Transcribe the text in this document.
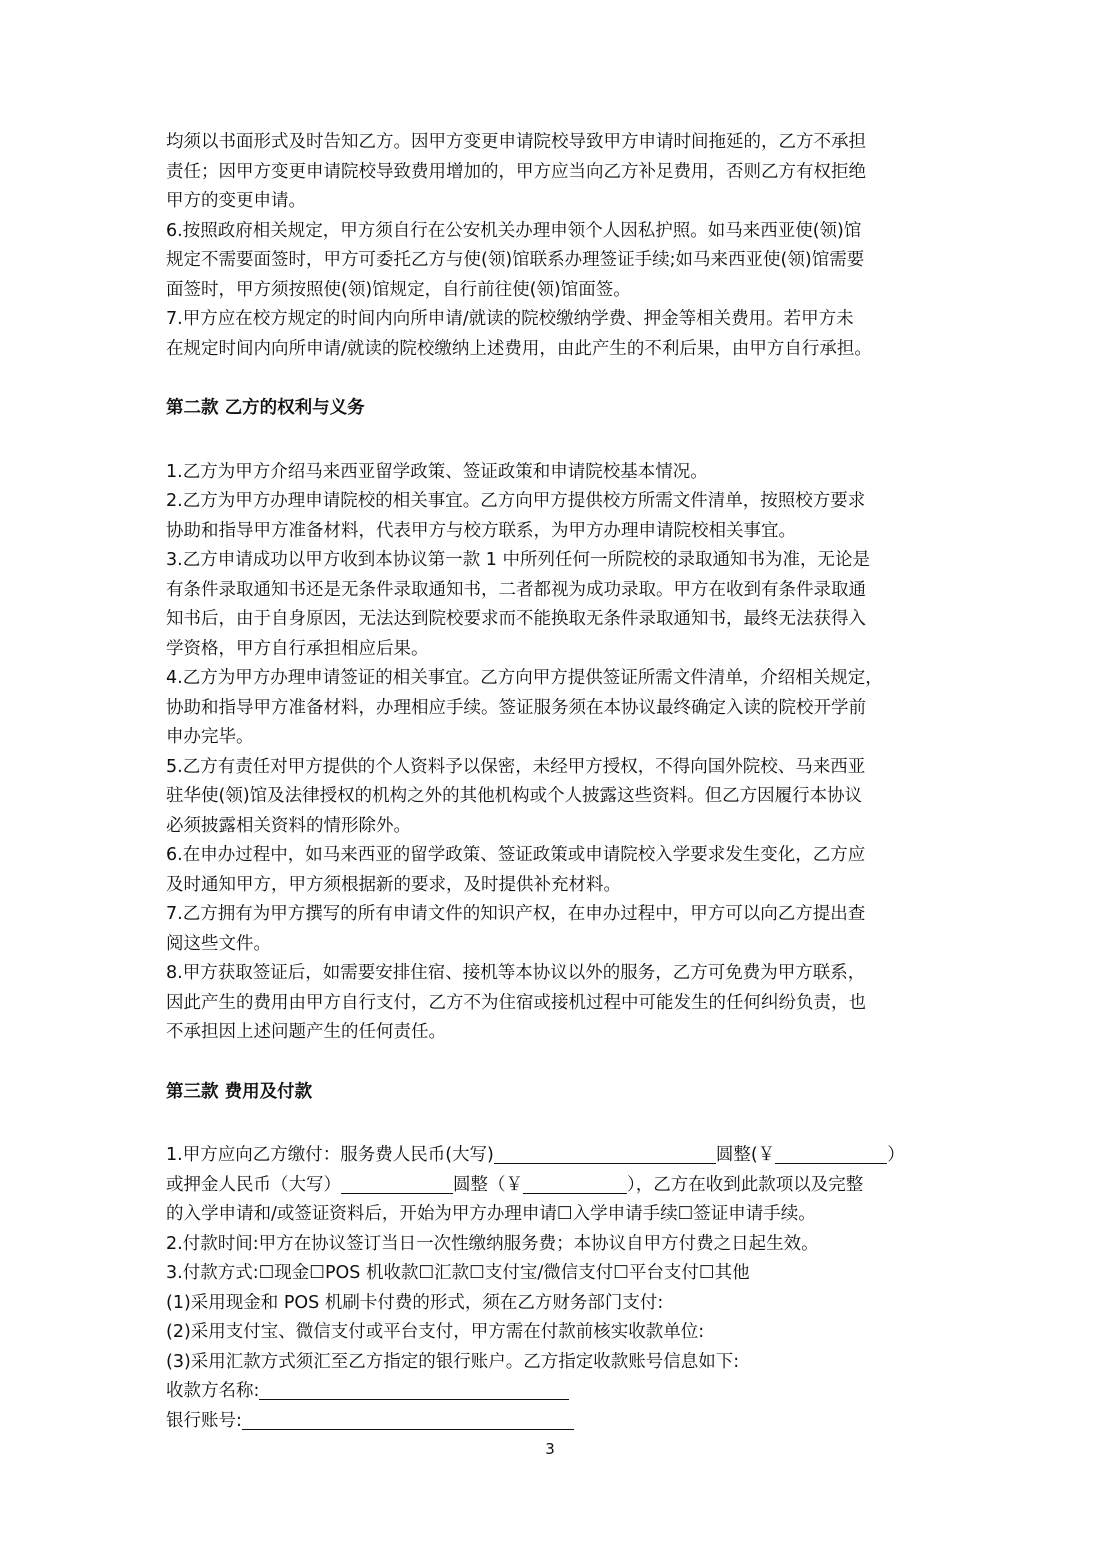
均须以书面形式及时告知乙方。因甲方变更申请院校导致甲方申请时间拖延的，乙方不承担
责任；因甲方变更申请院校导致费用增加的，甲方应当向乙方补足费用，否则乙方有权拒绝
甲方的变更申请。
6.按照政府相关规定，甲方须自行在公安机关办理申领个人因私护照。如马来西亚使(领)馆
规定不需要面签时，甲方可委托乙方与使(领)馆联系办理签证手续;如马来西亚使(领)馆需要
面签时，甲方须按照使(领)馆规定，自行前往使(领)馆面签。
7.甲方应在校方规定的时间内向所申请/就读的院校缴纳学费、押金等相关费用。若甲方未
在规定时间内向所申请/就读的院校缴纳上述费用，由此产生的不利后果，由甲方自行承担。
第二款 乙方的权利与义务
1.乙方为甲方介绍马来西亚留学政策、签证政策和申请院校基本情况。
2.乙方为甲方办理申请院校的相关事宜。乙方向甲方提供校方所需文件清单，按照校方要求
协助和指导甲方准备材料，代表甲方与校方联系，为甲方办理申请院校相关事宜。
3.乙方申请成功以甲方收到本协议第一款 1 中所列任何一所院校的录取通知书为准，无论是
有条件录取通知书还是无条件录取通知书，二者都视为成功录取。甲方在收到有条件录取通
知书后，由于自身原因，无法达到院校要求而不能换取无条件录取通知书，最终无法获得入
学资格，甲方自行承担相应后果。
4.乙方为甲方办理申请签证的相关事宜。乙方向甲方提供签证所需文件清单，介绍相关规定，
协助和指导甲方准备材料，办理相应手续。签证服务须在本协议最终确定入读的院校开学前
申办完毕。
5.乙方有责任对甲方提供的个人资料予以保密，未经甲方授权，不得向国外院校、马来西亚
驻华使(领)馆及法律授权的机构之外的其他机构或个人披露这些资料。但乙方因履行本协议
必须披露相关资料的情形除外。
6.在申办过程中，如马来西亚的留学政策、签证政策或申请院校入学要求发生变化，乙方应
及时通知甲方，甲方须根据新的要求，及时提供补充材料。
7.乙方拥有为甲方撰写的所有申请文件的知识产权，在申办过程中，甲方可以向乙方提出查
阅这些文件。
8.甲方获取签证后，如需要安排住宿、接机等本协议以外的服务，乙方可免费为甲方联系，
因此产生的费用由甲方自行支付，乙方不为住宿或接机过程中可能发生的任何纠纷负责，也
不承担因上述问题产生的任何责任。
第三款 费用及付款
1.甲方应向乙方缴付：服务费人民币(大写)	圆整(￥	）
或押金人民币（大写）	圆整（￥	），乙方在收到此款项以及完整
的入学申请和/或签证资料后，开始为甲方办理申请☐入学申请手续☐签证申请手续。
2.付款时间:甲方在协议签订当日一次性缴纳服务费；本协议自甲方付费之日起生效。
3.付款方式:☐现金☐POS 机收款☐汇款☐支付宝/微信支付☐平台支付☐其他
(1)采用现金和 POS 机刷卡付费的形式，须在乙方财务部门支付:
(2)采用支付宝、微信支付或平台支付，甲方需在付款前核实收款单位:
(3)采用汇款方式须汇至乙方指定的银行账户。乙方指定收款账号信息如下:
收款方名称:
银行账号:
3
